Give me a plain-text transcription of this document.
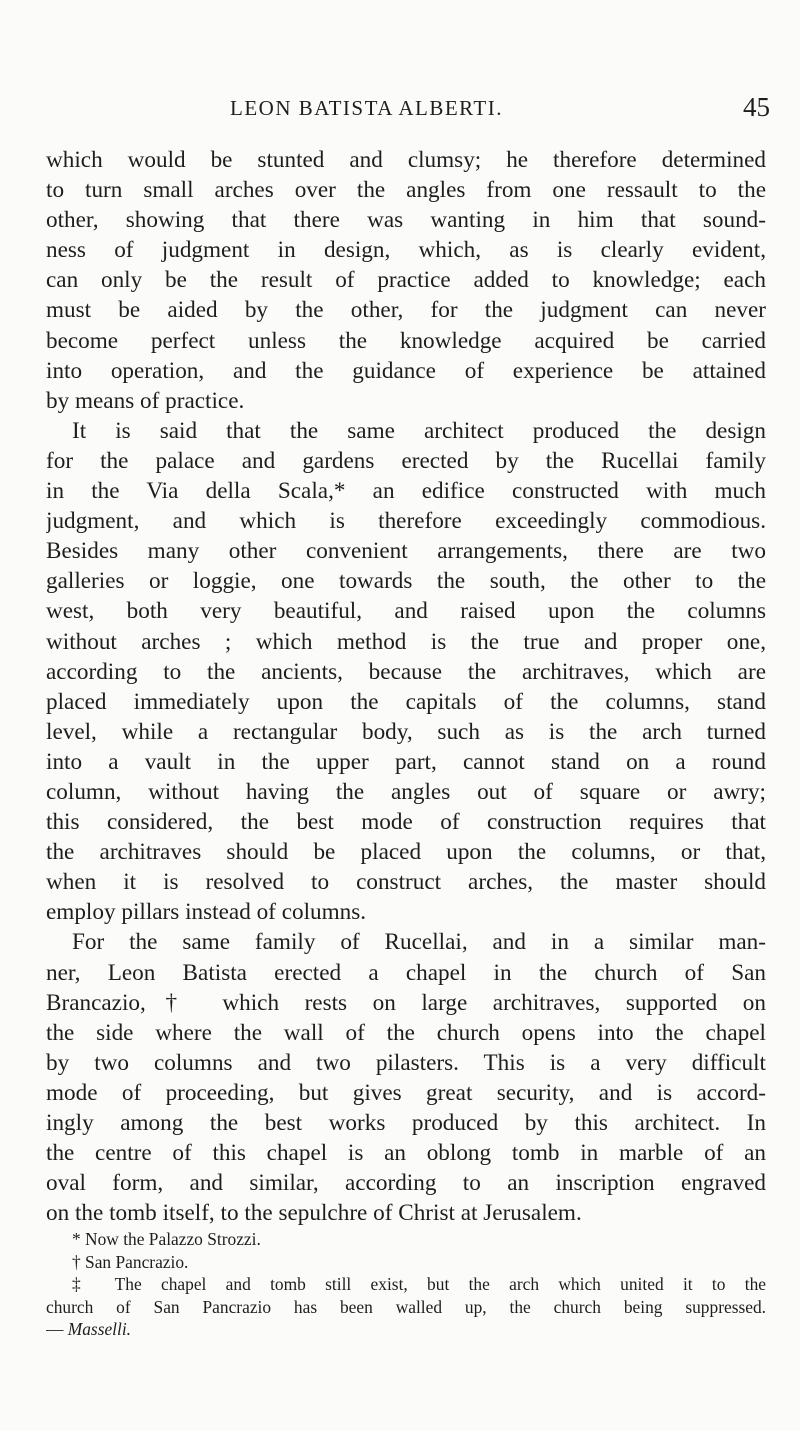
LEON BATISTA ALBERTI.	45
which would be stunted and clumsy; he therefore determined
to turn small arches over the angles from one ressault to the
other, showing that there was wanting in him that sound-
ness of judgment in design, which, as is clearly evident,
can only be the result of practice added to knowledge; each
must be aided by the other, for the judgment can never
become perfect unless the knowledge acquired be carried
into operation, and the guidance of experience be attained
by means of practice.
It is said that the same architect produced the design
for the palace and gardens erected by the Rucellai family
in the Via della Scala,* an edifice constructed with much
judgment, and which is therefore exceedingly commodious.
Besides many other convenient arrangements, there are two
galleries or loggie, one towards the south, the other to the
west, both very beautiful, and raised upon the columns
without arches ; which method is the true and proper one,
according to the ancients, because the architraves, which are
placed immediately upon the capitals of the columns, stand
level, while a rectangular body, such as is the arch turned
into a vault in the upper part, cannot stand on a round
column, without having the angles out of square or awry;
this considered, the best mode of construction requires that
the architraves should be placed upon the columns, or that,
when it is resolved to construct arches, the master should
employ pillars instead of columns.
For the same family of Rucellai, and in a similar man-
ner, Leon Batista erected a chapel in the church of San
Brancazio,† which rests on large architraves, supported on
the side where the wall of the church opens into the chapel
by two columns and two pilasters. This is a very difficult
mode of proceeding, but gives great security, and is accord-
ingly among the best works produced by this architect. In
the centre of this chapel is an oblong tomb in marble of an
oval form, and similar, according to an inscription engraved
on the tomb itself, to the sepulchre of Christ at Jerusalem.
* Now the Palazzo Strozzi.
† San Pancrazio.
‡ The chapel and tomb still exist, but the arch which united it to the
church of San Pancrazio has been walled up, the church being suppressed.
— Masselli.
